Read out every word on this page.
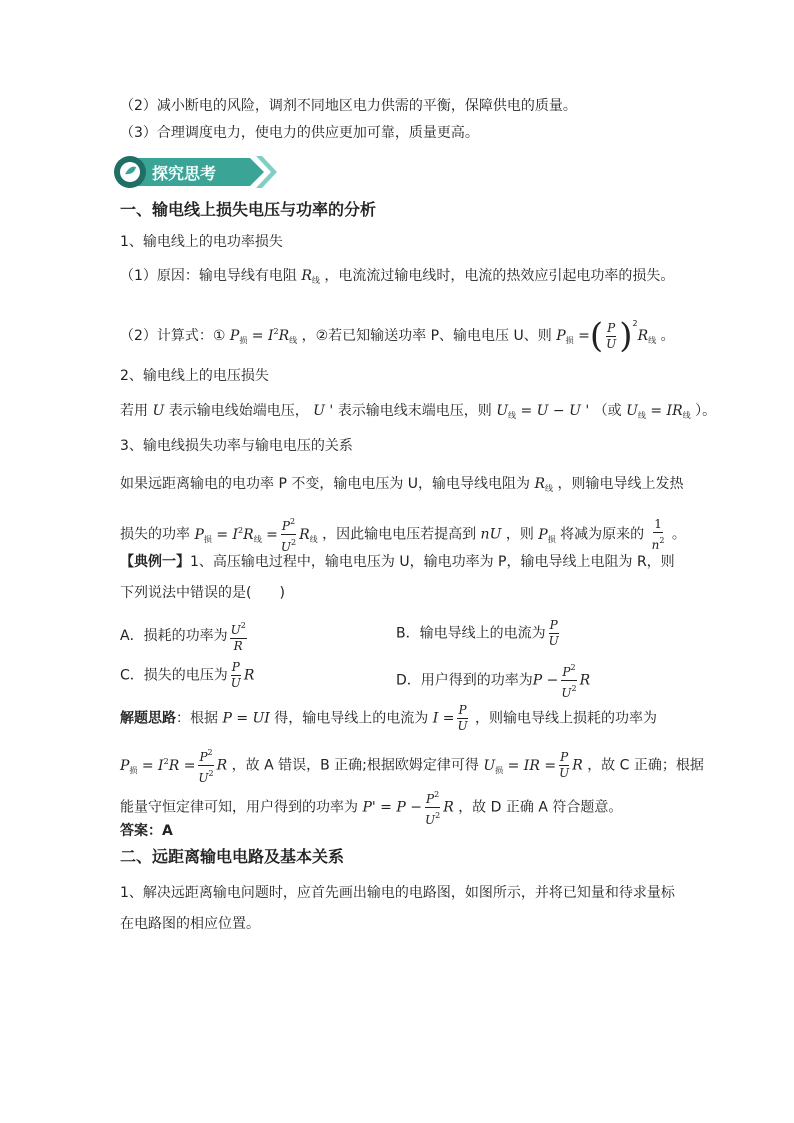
（2）减小断电的风险，调剂不同地区电力供需的平衡，保障供电的质量。
（3）合理调度电力，使电力的供应更加可靠，质量更高。
探究思考
一、输电线上损失电压与功率的分析
1、输电线上的电功率损失
（1）原因：输电导线有电阻 $R_线$ ，电流流过输电线时，电流的热效应引起电功率的损失。
（2）计算式：① $P_损 = I^2R_线$ ，②若已知输送功率 P、输电电压 U、则 $P_损$ =( $\frac{P}{U} )^2R_线$ 。
2、输电线上的电压损失
若用 U 表示输电线始端电压， U ' 表示输电线末端电压，则 $U_线 = U - U$ ' （或 $U_线 = IR_线$ ）。
3、输电线损失功率与输电电压的关系
如果远距离输电的电功率 P 不变，输电电压为 U，输电导线电阻为 $R_线$ ，则输电导线上发热
损失的功率 $P_损 = I^2R_线 = \frac{P^2}{U^2} R_线$ ，因此输电电压若提高到 nU ，则 $P_损$ 将减为原来的 $\frac{1}{n^2}$ 。
【典例一】1、高压输电过程中，输电电压为 U，输电功率为 P，输电导线上电阻为 R，则
下列说法中错误的是(　　)
A．损耗的功率为 $\frac{U^2}{R}$	B．输电导线上的电流为 $\frac{P}{U}$
C．损失的电压为 $\frac{P}{U}$ R	D．用户得到的功率为$P - \frac{P^2}{U^2}$ R
解题思路：根据 P = UI 得，输电导线上的电流为 $I = \frac{P}{U}$ ，则输电导线上损耗的功率为
$P_损 = I^2R = \frac{P^2}{U^2}$ R ，故 A 错误，B 正确;根据欧姆定律可得 $U_损$ = IR = $\frac{P}{U}$ R ，故 C 正确；根据
能量守恒定律可知，用户得到的功率为 $P' = P - \frac{P^2}{U^2}$ R ，故 D 正确 A 符合题意。
答案：A
二、远距离输电电路及基本关系
1、解决远距离输电问题时，应首先画出输电的电路图，如图所示，并将已知量和待求量标
在电路图的相应位置。
